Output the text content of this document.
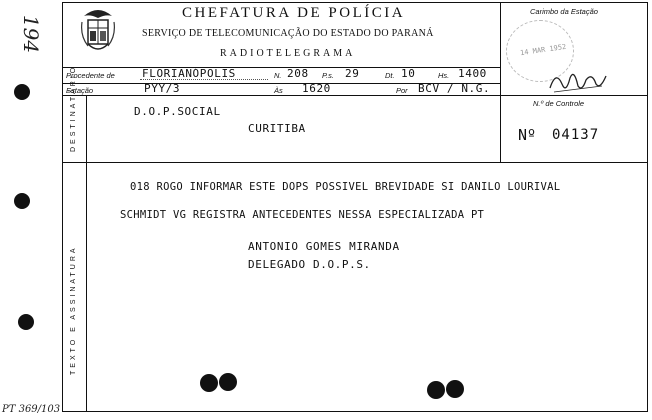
194
PT 369/103
CHEFATURA DE POLÍCIA
SERVIÇO DE TELECOMUNICAÇÃO DO ESTADO DO PARANÁ
RADIOTELEGRAMA
Carimbo da Estação
14 MAR 1952
Procedente de FLORIANÓPOLIS	N. 208 P.s. 29	Dt. 10	Hs. 1400
Estação	PYY/3	Às 1620	Por BCV / N.G.
N.º de Controle
DESTINATÁRIO	D.O.P.SOCIAL
CURITIBA	Nº 04137
TEXTO E ASSINATURA
018 ROGO INFORMAR ESTE DOPS POSSIVEL BREVIDADE SI DANILO LOURIVAL
SCHMIDT VG REGISTRA ANTECEDENTES NESSA ESPECIALIZADA PT
ANTONIO GOMES MIRANDA
DELEGADO D.O.P.S.
